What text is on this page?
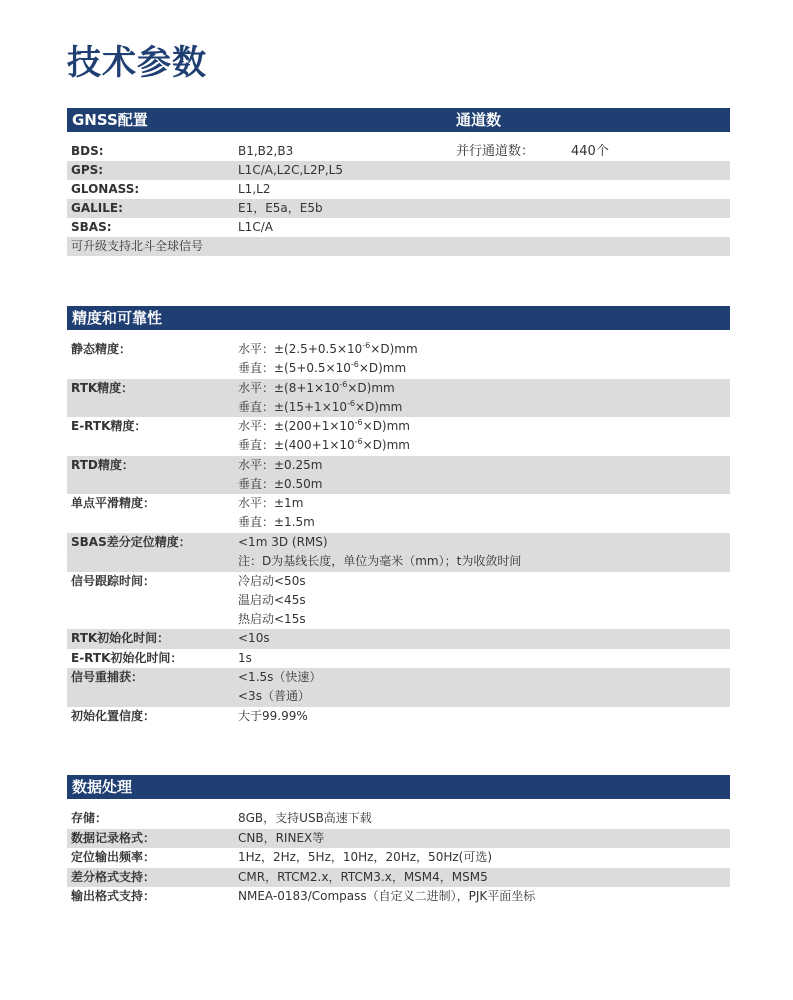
技术参数
GNSS配置	通道数
BDS:	B1,B2,B3	并行通道数：	440个
GPS:	L1C/A,L2C,L2P,L5
GLONASS:	L1,L2
GALILE:	E1，E5a，E5b
SBAS:	L1C/A
可升级支持北斗全球信号
精度和可靠性
静态精度：	水平：$\pm(2.5+0.5\times 10^{-6}\times D)mm$
垂直：$\pm(5+0.5\times 10^{-6}\times D)mm$
RTK精度：	水平：$\pm(8+1\times 10^{-6}\times D)mm$
垂直：$\pm(15+1\times 10^{-6}\times D)mm$
E-RTK精度：	水平：$\pm(200+1\times 10^{-6}\times D)mm$
垂直：$\pm(400+1\times 10^{-6}\times D)mm$
RTD精度：	水平：±0.25m
垂直：±0.50m
单点平滑精度：	水平：±1m
垂直：±1.5m
SBAS差分定位精度：	<1m 3D (RMS)
注：D为基线长度，单位为毫米（mm）；t为收敛时间
信号跟踪时间：	冷启动<50s
温启动<45s
热启动<15s
RTK初始化时间：	<10s
E-RTK初始化时间：	1s
信号重捕获：	<1.5s（快速）
<3s（普通）
初始化置信度：	大于99.99%
数据处理
存储：	8GB，支持USB高速下载
数据记录格式：	CNB，RINEX等
定位输出频率：	1Hz，2Hz，5Hz，10Hz，20Hz，50Hz(可选)
差分格式支持：	CMR，RTCM2.x，RTCM3.x，MSM4，MSM5
输出格式支持：	NMEA-0183/Compass（自定义二进制），PJK平面坐标
